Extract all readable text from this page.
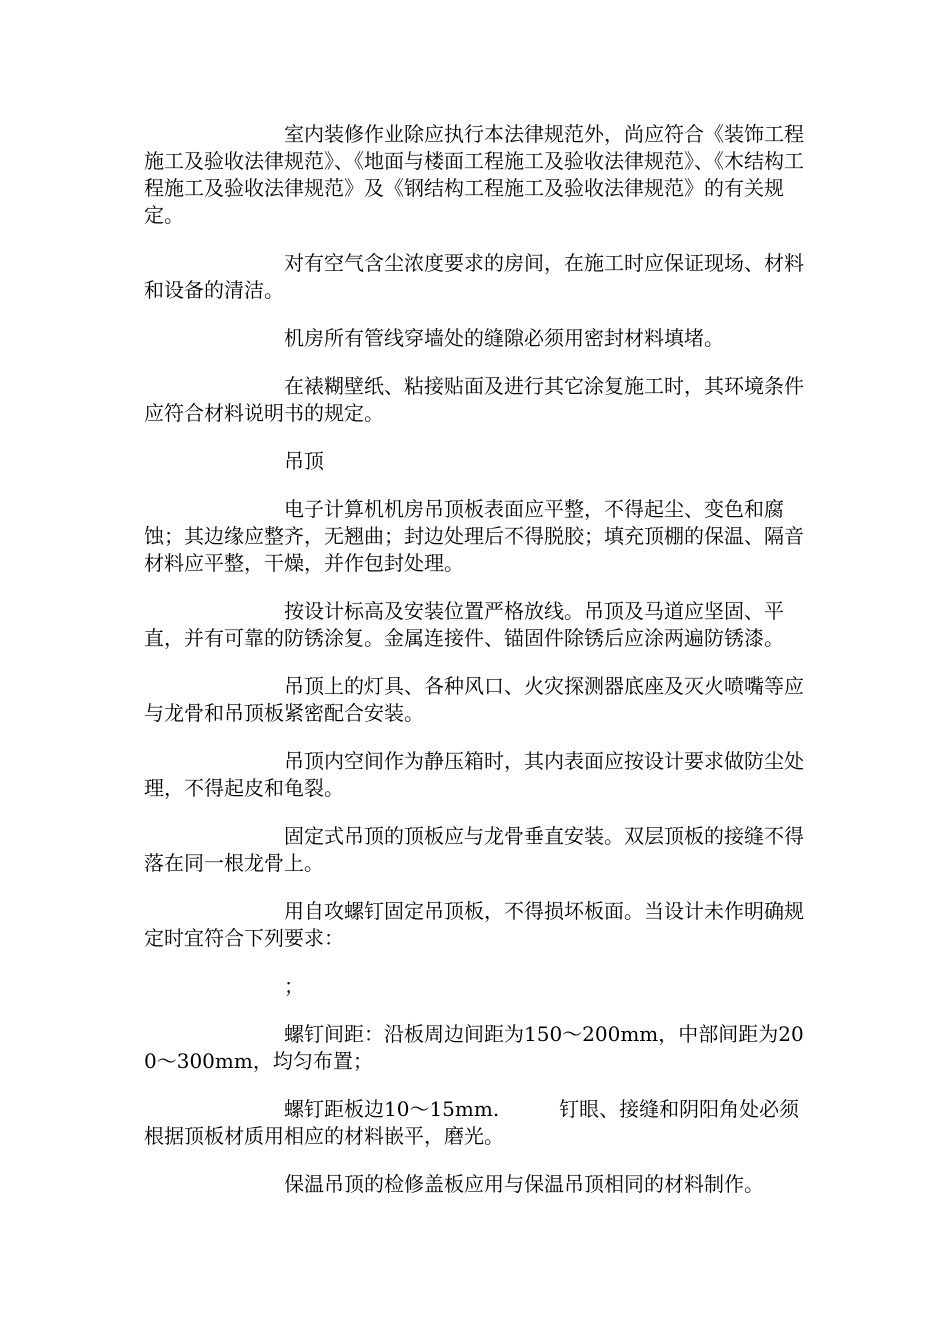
室内装修作业除应执行本法律规范外，尚应符合《装饰工程施工及验收法律规范》、《地面与楼面工程施工及验收法律规范》、《木结构工程施工及验收法律规范》及《钢结构工程施工及验收法律规范》的有关规定。

对有空气含尘浓度要求的房间，在施工时应保证现场、材料和设备的清洁。

机房所有管线穿墙处的缝隙必须用密封材料填堵。

在裱糊壁纸、粘接贴面及进行其它涂复施工时，其环境条件应符合材料说明书的规定。

吊顶

电子计算机机房吊顶板表面应平整，不得起尘、变色和腐蚀；其边缘应整齐，无翘曲；封边处理后不得脱胶；填充顶棚的保温、隔音材料应平整，干燥，并作包封处理。

按设计标高及安装位置严格放线。吊顶及马道应坚固、平直，并有可靠的防锈涂复。金属连接件、锚固件除锈后应涂两遍防锈漆。

吊顶上的灯具、各种风口、火灾探测器底座及灭火喷嘴等应与龙骨和吊顶板紧密配合安装。

吊顶内空间作为静压箱时，其内表面应按设计要求做防尘处理，不得起皮和龟裂。

固定式吊顶的顶板应与龙骨垂直安装。双层顶板的接缝不得落在同一根龙骨上。

用自攻螺钉固定吊顶板，不得损坏板面。当设计未作明确规定时宜符合下列要求：

；

螺钉间距：沿板周边间距为150～200mm，中部间距为200～300mm，均匀布置；

螺钉距板边10～15mm.　　　钉眼、接缝和阴阳角处必须根据顶板材质用相应的材料嵌平，磨光。

保温吊顶的检修盖板应用与保温吊顶相同的材料制作。
